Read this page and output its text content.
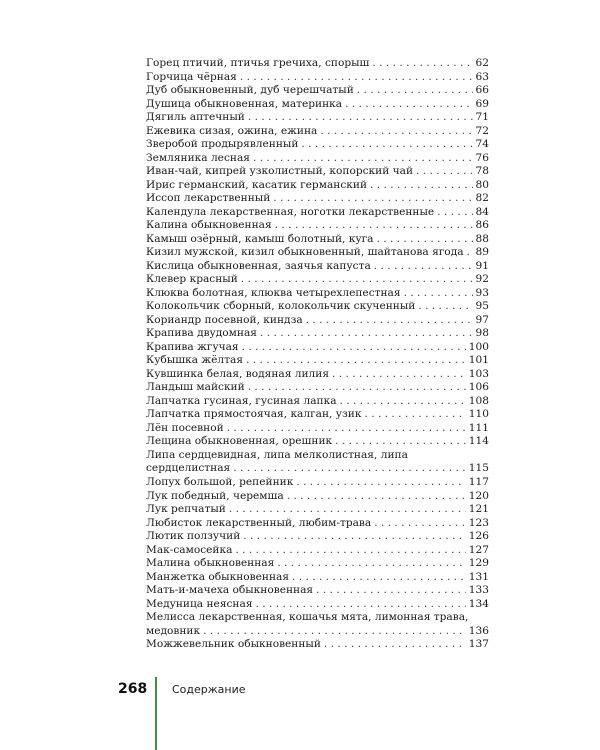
Горец птичий, птичья гречиха, спорыш . . .	62
Горчица чёрная . . .	63
Дуб обыкновенный, дуб черешчатый . . .	66
Душица обыкновенная, материнка . . .	69
Дягиль аптечный . . .	71
Ежевика сизая, ожина, ежина . . .	72
Зверобой продырявленный . . .	74
Земляника лесная . . .	76
Иван-чай, кипрей узколистный, копорский чай . . .	78
Ирис германский, касатик германский . . .	80
Иссоп лекарственный . . .	82
Календула лекарственная, ноготки лекарственные . . .	84
Калина обыкновенная . . .	86
Камыш озёрный, камыш болотный, куга . . .	88
Кизил мужской, кизил обыкновенный, шайтанова ягода . . . 89
Кислица обыкновенная, заячья капуста . . .	91
Клевер красный . . .	92
Клюква болотная, клюква четырехлепестная . . .	93
Колокольчик сборный, колокольчик скученный . . .	95
Кориандр посевной, киндза . . .	97
Крапива двудомная . . .	98
Крапива жгучая . . .	100
Кубышка жёлтая . . .	101
Кувшинка белая, водяная лилия . . .	103
Ландыш майский . . .	106
Лапчатка гусиная, гусиная лапка . . .	108
Лапчатка прямостоячая, калган, узик . . .	110
Лён посевной . . .	111
Лещина обыкновенная, орешник . . .	114
Липа сердцевидная, липа мелколистная, липа
сердцелистная . . .	115
Лопух большой, репейник . . .	117
Лук победный, черемша . . .	120
Лук репчатый . . .	121
Любисток лекарственный, любим-трава . . .	123
Лютик ползучий . . .	126
Мак-самосейка . . .	127
Малина обыкновенная . . .	129
Манжетка обыкновенная . . .	131
Мать-и-мачеха обыкновенная . . .	133
Медуница неясная . . .	134
Мелисса лекарственная, кошачья мята, лимонная трава,
медовник . . .	136
Можжевельник обыкновенный . . .	137
268 Содержание
